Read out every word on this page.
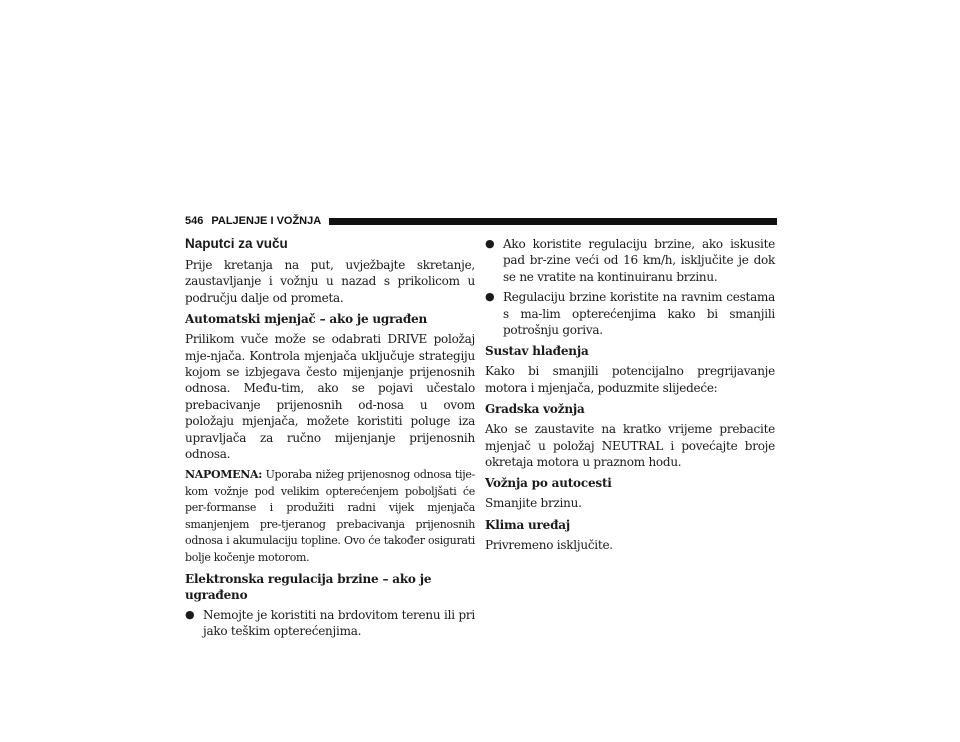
546 PALJENJE I VOŽNJA
Naputci za vuču

Prije kretanja na put, uvježbajte skretanje, zaustavljanje i vožnju u nazad s prikolicom u području dalje od prometa.

Automatski mjenjač – ako je ugrađen

Prilikom vuče može se odabrati DRIVE položaj mje-njača. Kontrola mjenjača uključuje strategiju kojom se izbjegava često mijenjanje prijenosnih odnosa. Među-tim, ako se pojavi učestalo prebacivanje prijenosnih od-nosa u ovom položaju mjenjača, možete koristiti poluge iza upravljača za ručno mijenjanje prijenosnih odnosa.

NAPOMENA: Uporaba nižeg prijenosnog odnosa tije-kom vožnje pod velikim opterećenjem poboljšati će per-formanse i produžiti radni vijek mjenjača smanjenjem pre-tjeranog prebacivanja prijenosnih odnosa i akumulaciju topline. Ovo će također osigurati bolje kočenje motorom.

Elektronska regulacija brzine – ako je ugrađeno
● Nemojte je koristiti na brdovitom terenu ili pri jako teškim opterećenjima.
● Ako koristite regulaciju brzine, ako iskusite pad br-zine veći od 16 km/h, isključite je dok se ne vratite na kontinuiranu brzinu.
● Regulaciju brzine koristite na ravnim cestama s ma-lim opterećenjima kako bi smanjili potrošnju goriva.
Sustav hlađenja

Kako bi smanjili potencijalno pregrijavanje motora i mjenjača, poduzmite slijedeće:

Gradska vožnja

Ako se zaustavite na kratko vrijeme prebacite mjenjač u položaj NEUTRAL i povećajte broje okretaja motora u praznom hodu.

Vožnja po autocesti

Smanjite brzinu.

Klima uređaj

Privremeno isključite.
